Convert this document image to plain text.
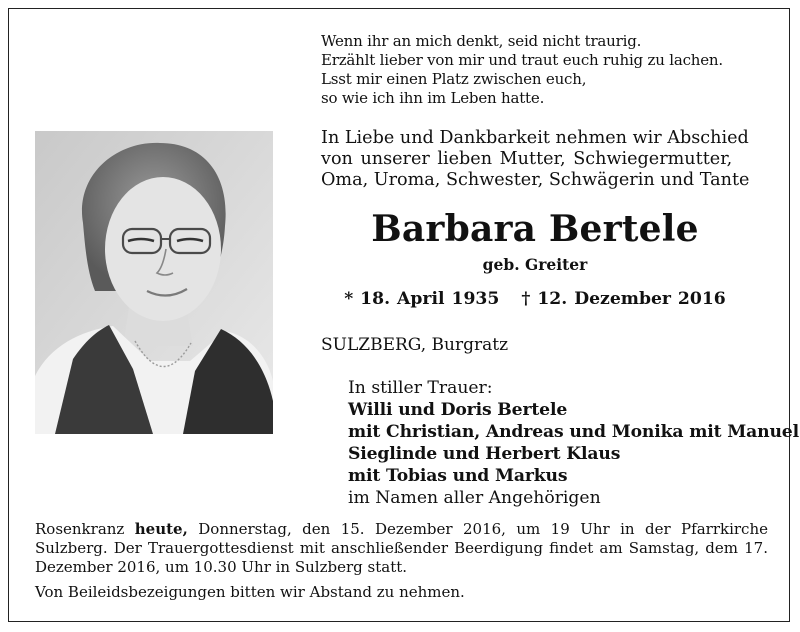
Wenn ihr an mich denkt, seid nicht traurig.
Erzählt lieber von mir und traut euch ruhig zu lachen.
Lsst mir einen Platz zwischen euch,
so wie ich ihn im Leben hatte.
In Liebe und Dankbarkeit nehmen wir Abschied
von unserer lieben Mutter, Schwiegermutter,
Oma, Uroma, Schwester, Schwägerin und Tante
Barbara Bertele
geb. Greiter
* 18. April 1935 † 12. Dezember 2016
SULZBERG, Burgratz
In stiller Trauer:
Willi und Doris Bertele
mit Christian, Andreas und Monika mit Manuel
Sieglinde und Herbert Klaus
mit Tobias und Markus
im Namen aller Angehörigen
Rosenkranz heute, Donnerstag, den 15. Dezember 2016, um 19 Uhr in der Pfarrkirche Sulzberg. Der Trauergottesdienst mit anschließender Beerdigung findet am Samstag, dem 17. Dezember 2016, um 10.30 Uhr in Sulzberg statt.
Von Beileidsbezeigungen bitten wir Abstand zu nehmen.
